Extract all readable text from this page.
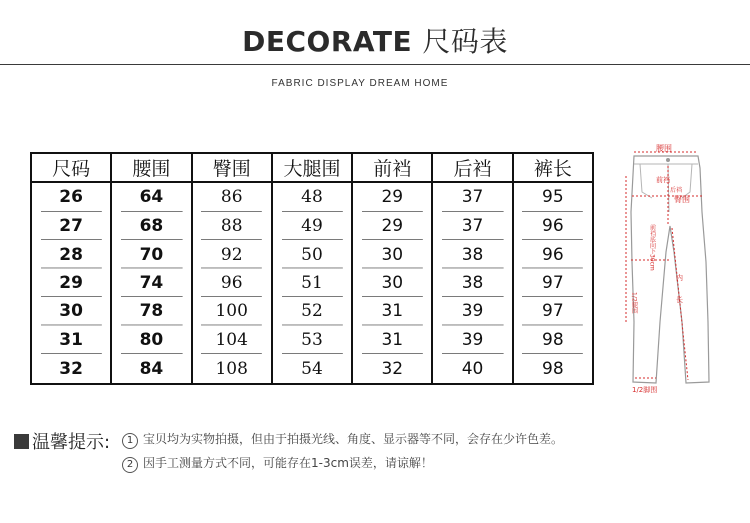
DECORATE 尺码表
FABRIC DISPLAY DREAM HOME
尺码	腰围	臀围	大腿围	前裆	后裆	裤长
26	64	86	48	29	37	95
27	68	88	49	29	37	96
28	70	92	50	30	38	96
29	74	96	51	30	38	97
30	78	100	52	31	39	97
31	80	104	53	31	39	98
32	84	108	54	32	40	98
腰围
前裆
臀围
后裆
前裆底向下30cm
1/2腿围
内
长
1/2脚围
温馨提示:	1 宝贝均为实物拍摄，但由于拍摄光线、角度、显示器等不同，会存在少许色差。
2 因手工测量方式不同，可能存在1-3cm误差，请谅解！
